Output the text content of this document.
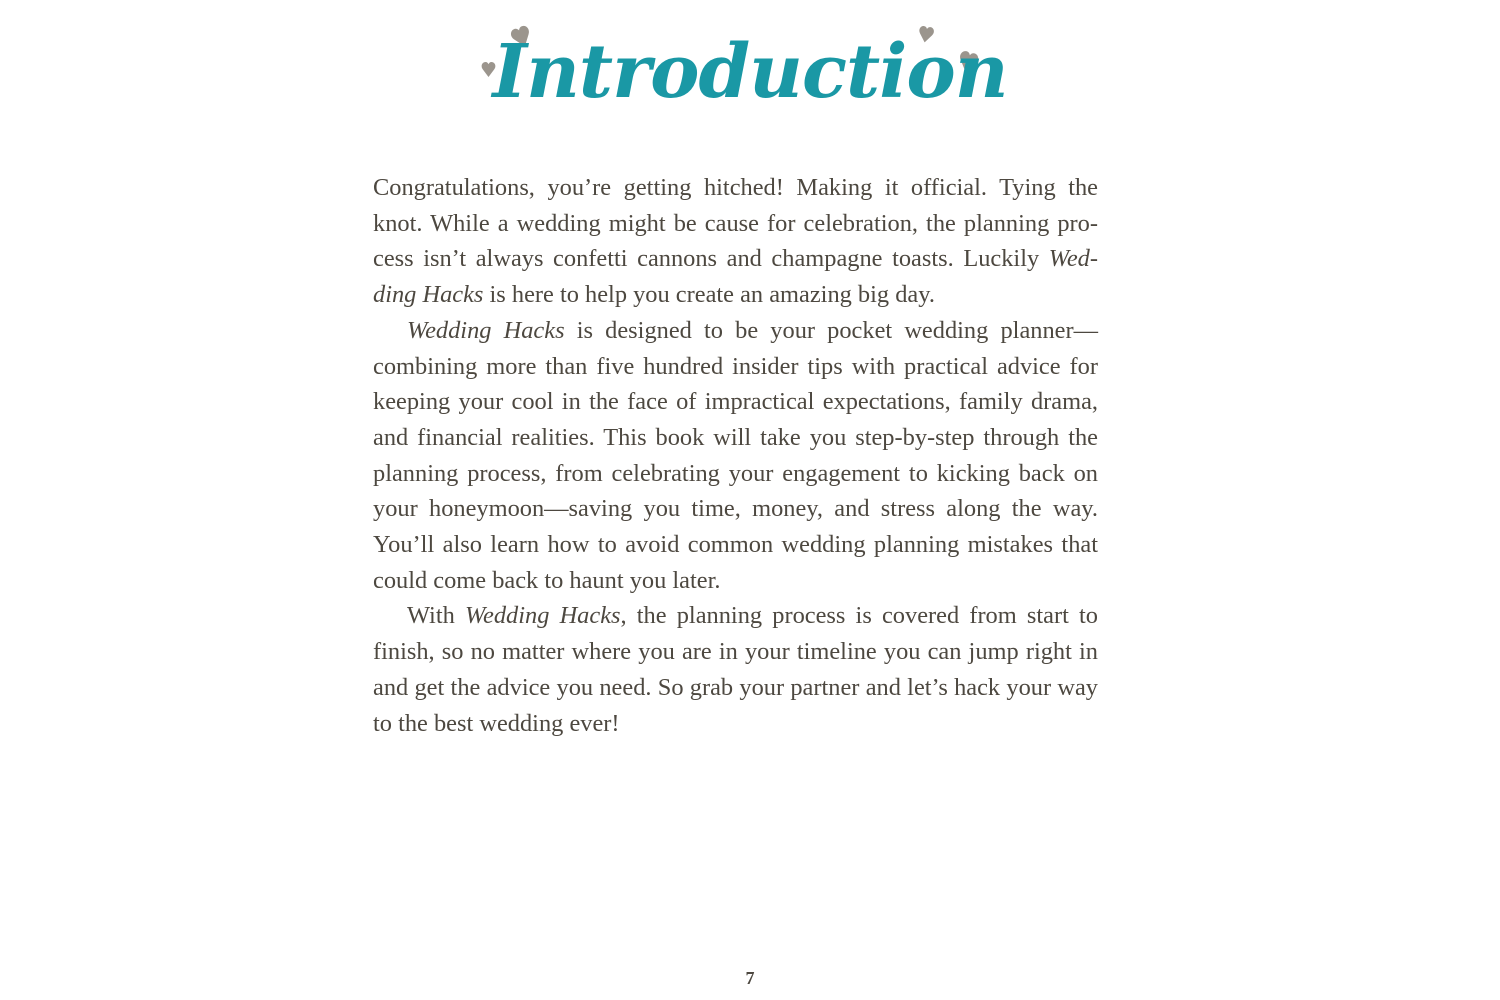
Introduction

Congratulations, you’re getting hitched! Making it official. Tying the knot. While a wedding might be cause for celebration, the planning process isn’t always confetti cannons and champagne toasts. Luckily Wedding Hacks is here to help you create an amazing big day.

Wedding Hacks is designed to be your pocket wedding planner—combining more than five hundred insider tips with practical advice for keeping your cool in the face of impractical expectations, family drama, and financial realities. This book will take you step-by-step through the planning process, from celebrating your engagement to kicking back on your honeymoon—saving you time, money, and stress along the way. You’ll also learn how to avoid common wedding planning mistakes that could come back to haunt you later.

With Wedding Hacks, the planning process is covered from start to finish, so no matter where you are in your timeline you can jump right in and get the advice you need. So grab your partner and let’s hack your way to the best wedding ever!

7
